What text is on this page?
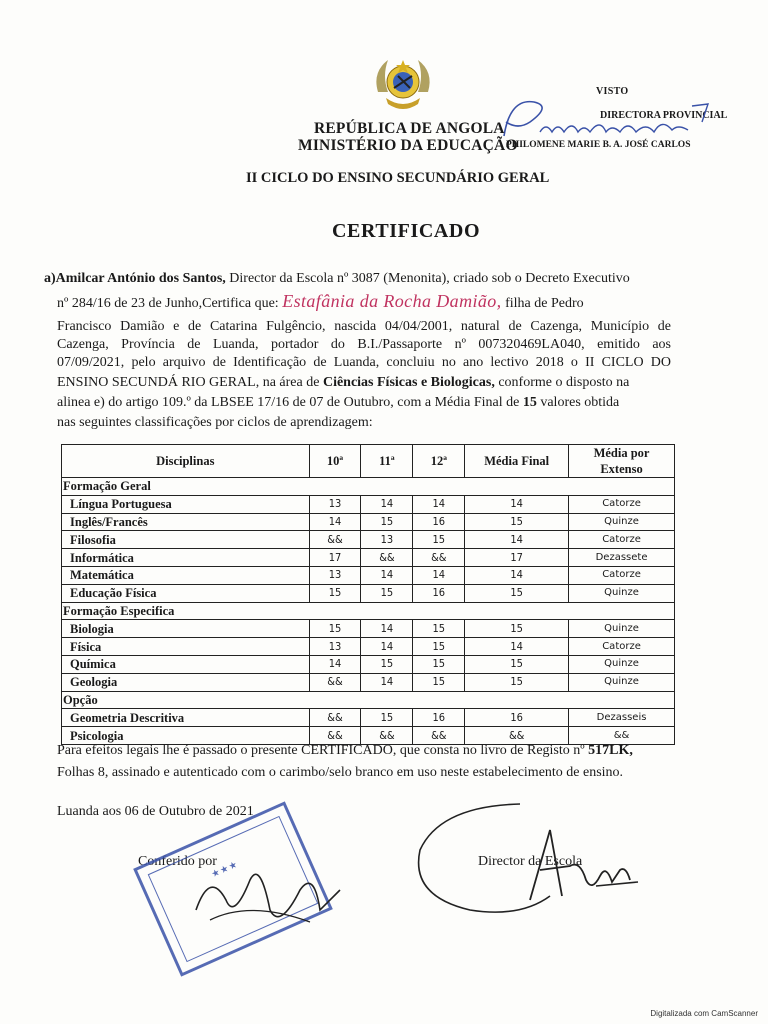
VISTO
DIRECTORA PROVINCIAL
PHILOMENE MARIE B. A. JOSÉ CARLOS
REPÚBLICA DE ANGOLA
MINISTÉRIO DA EDUCAÇÃO
II CICLO DO ENSINO SECUNDÁRIO GERAL
CERTIFICADO
a)Amilcar António dos Santos, Director da Escola nº 3087 (Menonita), criado sob o Decreto Executivo
nº 284/16 de 23 de Junho,Certifica que: Estafânia da Rocha Damião, filha de Pedro
Francisco Damião e de Catarina Fulgêncio, nascida 04/04/2001, natural de Cazenga, Município de
Cazenga, Província de Luanda, portador do B.I./Passaporte nº 007320469LA040, emitido aos
07/09/2021, pelo arquivo de Identificação de Luanda, concluiu no ano lectivo 2018 o II CICLO DO
ENSINO SECUNDÁ RIO GERAL, na área de Ciências Físicas e Biologicas, conforme o disposto na
alinea e) do artigo 109.º da LBSEE 17/16 de 07 de Outubro, com a Média Final de 15 valores obtida
nas seguintes classificações por ciclos de aprendizagem:
Disciplinas	10ª	11ª	12ª	Média Final	Média por Extenso
Formação Geral					
Língua Portuguesa	13	14	14	14	Catorze
Inglês/Francês	14	15	16	15	Quinze
Filosofia	&&	13	15	14	Catorze
Informática	17	&&	&&	17	Dezassete
Matemática	13	14	14	14	Catorze
Educação Física	15	15	16	15	Quinze
Formação Especifica					
Biologia	15	14	15	15	Quinze
Física	13	14	15	14	Catorze
Química	14	15	15	15	Quinze
Geologia	&&	14	15	15	Quinze
Opção					
Geometria Descritiva	&&	15	16	16	Dezasseis
Psicologia	&&	&&	&&	&&	&&
Para efeitos legais lhe é passado o presente CERTIFICADO, que consta no livro de Registo nº 517LK,
Folhas 8, assinado e autenticado com o carimbo/selo branco em uso neste estabelecimento de ensino.
Luanda aos 06 de Outubro de 2021
Conferido por	Director da Escola
★ ★ ★
Digitalizada com CamScanner
